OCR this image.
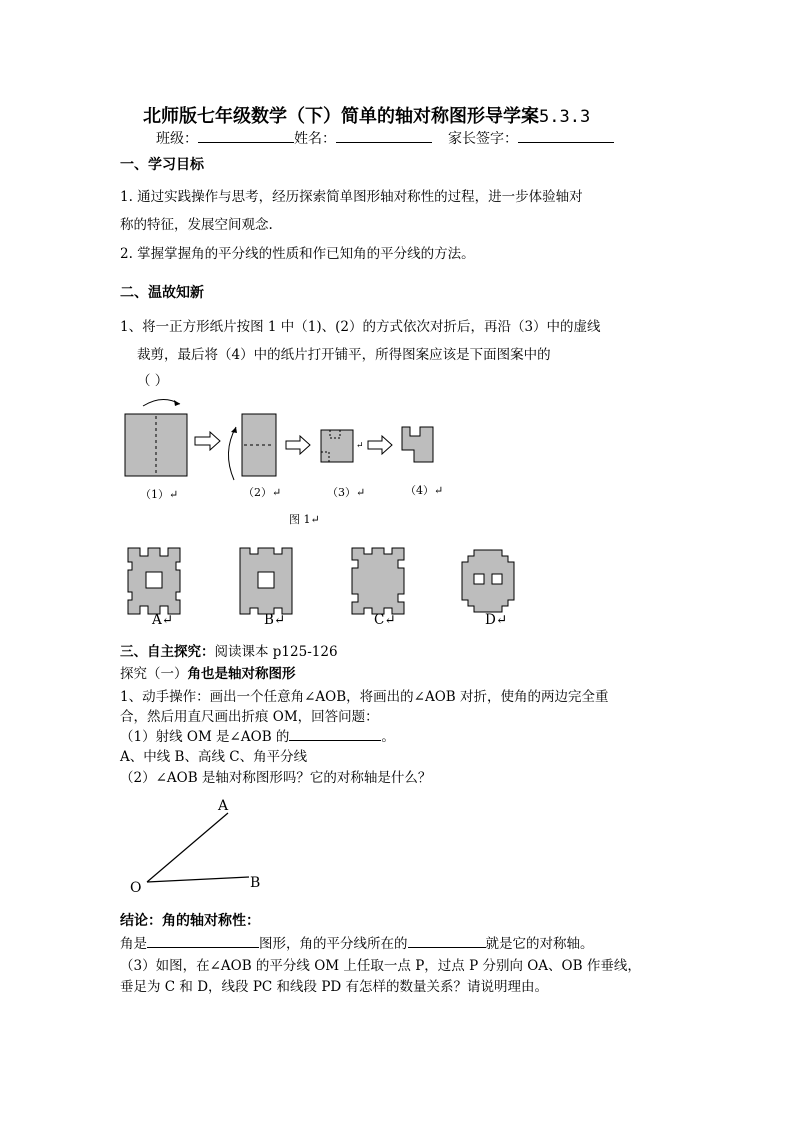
北师版七年级数学（下）简单的轴对称图形导学案5.3.3
班级：	姓名：	家长签字：
一、学习目标
1. 通过实践操作与思考，经历探索简单图形轴对称性的过程，进一步体验轴对
称的特征，发展空间观念.
2. 掌握掌握角的平分线的性质和作已知角的平分线的方法。
二、温故知新
1、将一正方形纸片按图 1 中（1)、(2）的方式依次对折后，再沿（3）中的虚线
裁剪，最后将（4）中的纸片打开铺平，所得图案应该是下面图案中的
（ ）
↵
（1）↵	（2）↵	（3）↵	（4）↵
图 1↵
A↵	B↵	C↵	D↵
三、自主探究：阅读课本 p125-126
探究（一）角也是轴对称图形
1、动手操作：画出一个任意角∠AOB，将画出的∠AOB 对折，使角的两边完全重
合，然后用直尺画出折痕 OM，回答问题：
（1）射线 OM 是∠AOB 的	。
A、中线 B、高线 C、角平分线
（2）∠AOB 是轴对称图形吗？它的对称轴是什么？
A
O	B
结论：角的轴对称性：
角是	图形，角的平分线所在的	就是它的对称轴。
（3）如图，在∠AOB 的平分线 OM 上任取一点 P，过点 P 分别向 OA、OB 作垂线，
垂足为 C 和 D，线段 PC 和线段 PD 有怎样的数量关系？请说明理由。
